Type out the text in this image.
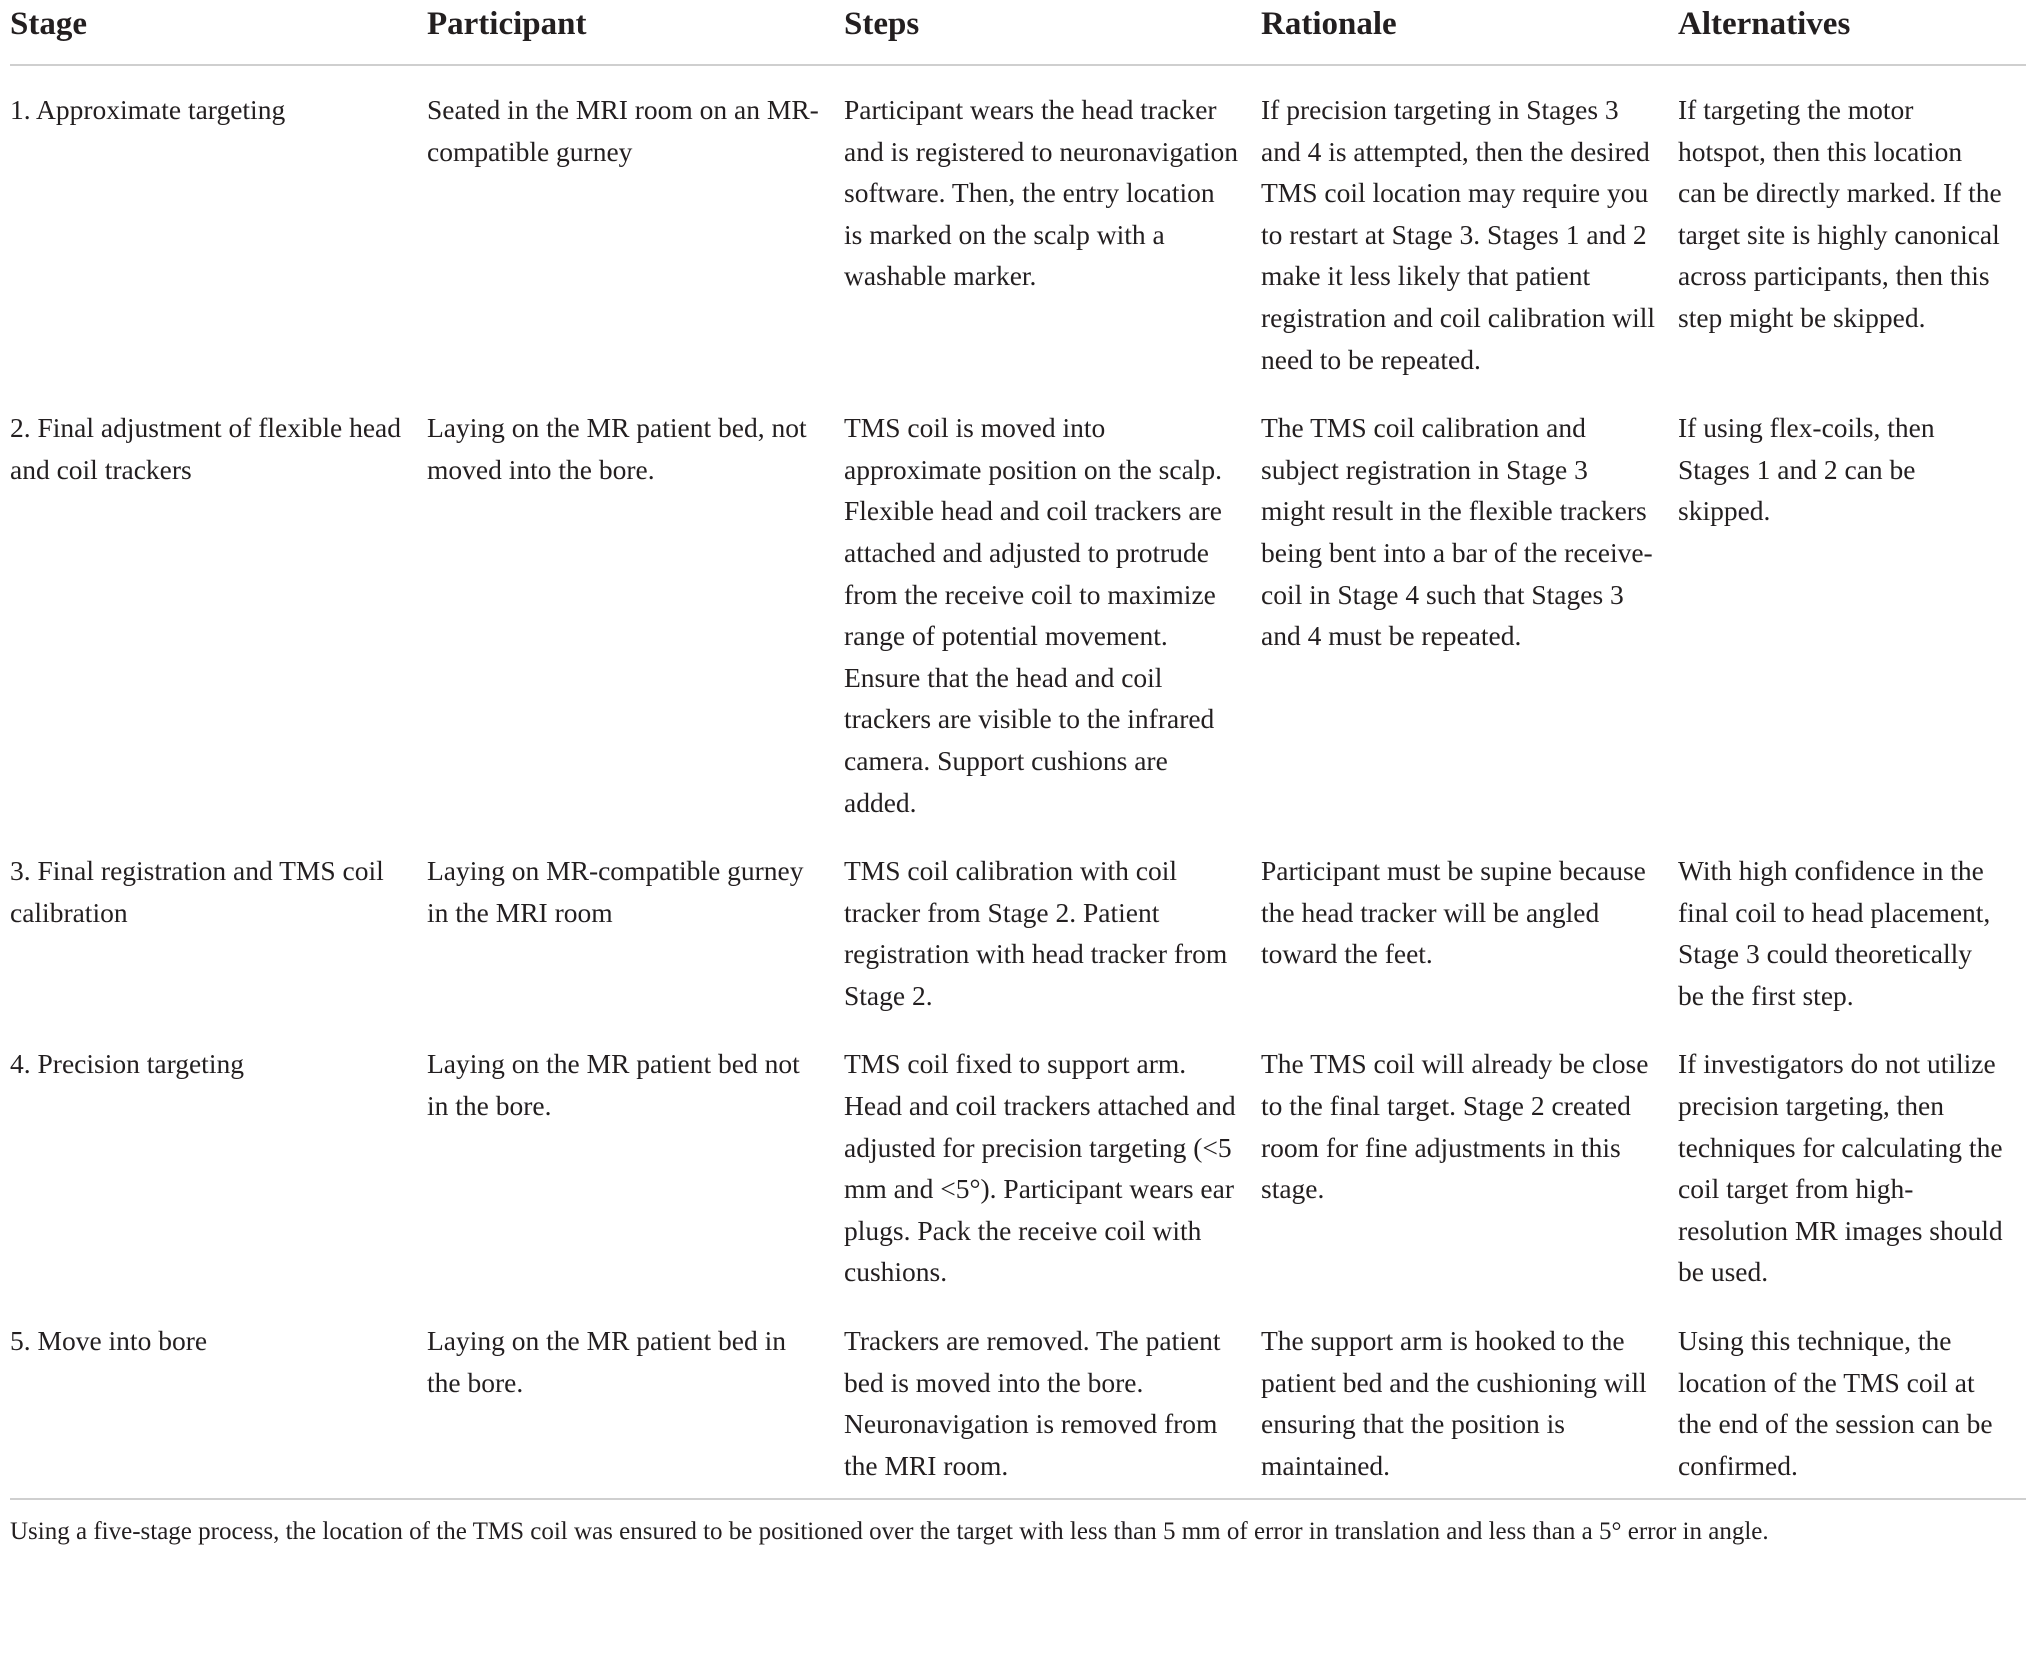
Stage	Participant	Steps	Rationale	Alternatives
1. Approximate targeting	Seated in the MRI room on an MR-compatible gurney	Participant wears the head tracker and is registered to neuronavigation software. Then, the entry location is marked on the scalp with a washable marker.	If precision targeting in Stages 3 and 4 is attempted, then the desired TMS coil location may require you to restart at Stage 3. Stages 1 and 2 make it less likely that patient registration and coil calibration will need to be repeated.	If targeting the motor hotspot, then this location can be directly marked. If the target site is highly canonical across participants, then this step might be skipped.
2. Final adjustment of flexible head and coil trackers	Laying on the MR patient bed, not moved into the bore.	TMS coil is moved into approximate position on the scalp. Flexible head and coil trackers are attached and adjusted to protrude from the receive coil to maximize range of potential movement. Ensure that the head and coil trackers are visible to the infrared camera. Support cushions are added.	The TMS coil calibration and subject registration in Stage 3 might result in the flexible trackers being bent into a bar of the receive-coil in Stage 4 such that Stages 3 and 4 must be repeated.	If using flex-coils, then Stages 1 and 2 can be skipped.
3. Final registration and TMS coil calibration	Laying on MR-compatible gurney in the MRI room	TMS coil calibration with coil tracker from Stage 2. Patient registration with head tracker from Stage 2.	Participant must be supine because the head tracker will be angled toward the feet.	With high confidence in the final coil to head placement, Stage 3 could theoretically be the first step.
4. Precision targeting	Laying on the MR patient bed not in the bore.	TMS coil fixed to support arm. Head and coil trackers attached and adjusted for precision targeting (<5 mm and <5°). Participant wears ear plugs. Pack the receive coil with cushions.	The TMS coil will already be close to the final target. Stage 2 created room for fine adjustments in this stage.	If investigators do not utilize precision targeting, then techniques for calculating the coil target from high-resolution MR images should be used.
5. Move into bore	Laying on the MR patient bed in the bore.	Trackers are removed. The patient bed is moved into the bore. Neuronavigation is removed from the MRI room.	The support arm is hooked to the patient bed and the cushioning will ensuring that the position is maintained.	Using this technique, the location of the TMS coil at the end of the session can be confirmed.
Using a five-stage process, the location of the TMS coil was ensured to be positioned over the target with less than 5 mm of error in translation and less than a 5° error in angle.
